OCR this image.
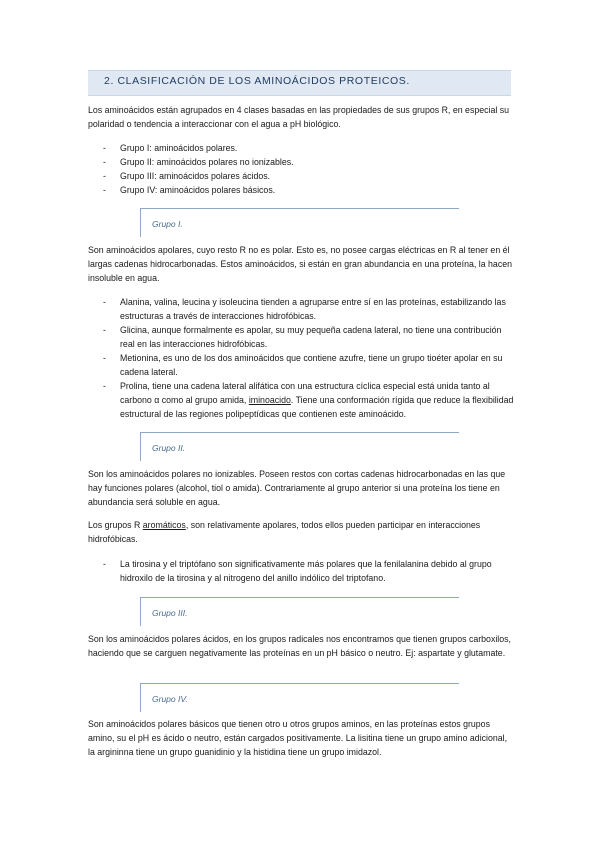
2. CLASIFICACIÓN DE LOS AMINOÁCIDOS PROTEICOS.
Los aminoácidos están agrupados en 4 clases basadas en las propiedades de sus grupos R, en especial su polaridad o tendencia a interaccionar con el agua a pH biológico.
- Grupo I: aminoácidos polares.
- Grupo II: aminoácidos polares no ionizables.
- Grupo III: aminoácidos polares ácidos.
- Grupo IV: aminoácidos polares básicos.
Grupo I.
Son aminoácidos apolares, cuyo resto R no es polar. Esto es, no posee cargas eléctricas en R al tener en él largas cadenas hidrocarbonadas. Estos aminoácidos, si están en gran abundancia en una proteína, la hacen insoluble en agua.
- Alanina, valina, leucina y isoleucina tienden a agruparse entre sí en las proteínas, estabilizando las estructuras a través de interacciones hidrofóbicas.
- Glicina, aunque formalmente es apolar, su muy pequeña cadena lateral, no tiene una contribución real en las interacciones hidrofóbicas.
- Metionina, es uno de los dos aminoácidos que contiene azufre, tiene un grupo tioéter apolar en su cadena lateral.
- Prolina, tiene una cadena lateral alifática con una estructura cíclica especial está unida tanto al carbono α como al grupo amida, iminoacido. Tiene una conformación rígida que reduce la flexibilidad estructural de las regiones polipeptídicas que contienen este aminoácido.
Grupo II.
Son los aminoácidos polares no ionizables. Poseen restos con cortas cadenas hidrocarbonadas en las que hay funciones polares (alcohol, tiol o amida). Contrariamente al grupo anterior si una proteína los tiene en abundancia será soluble en agua.
Los grupos R aromáticos, son relativamente apolares, todos ellos pueden participar en interacciones hidrofóbicas.
- La tirosina y el triptófano son significativamente más polares que la fenilalanina debido al grupo hidroxilo de la tirosina y al nitrogeno del anillo indólico del triptofano.
Grupo III.
Son los aminoácidos polares ácidos, en los grupos radicales nos encontramos que tienen grupos carboxilos, haciendo que se carguen negativamente las proteínas en un pH básico o neutro. Ej: aspartate y glutamate.
Grupo IV.
Son aminoácidos polares básicos que tienen otro u otros grupos aminos, en las proteínas estos grupos amino, su el pH es ácido o neutro, están cargados positivamente. La lisitina tiene un grupo amino adicional, la argininna tiene un grupo guanidinio y la histidina tiene un grupo imidazol.
